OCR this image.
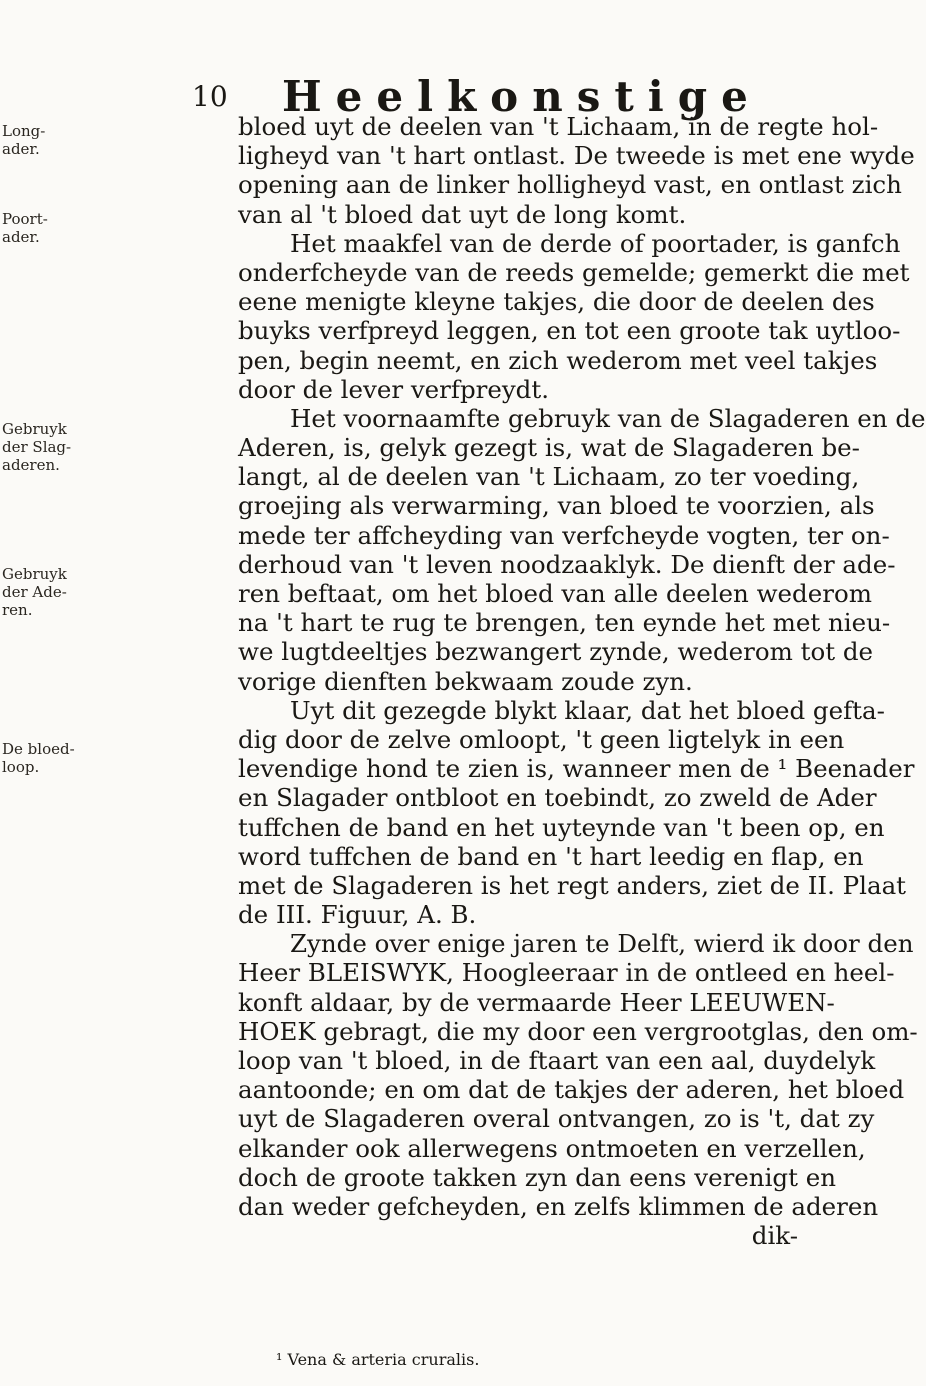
10 Heelkonstige
Long-
ader.
Poort-
ader.
Gebruyk
der Slag-
aderen.
Gebruyk
der Ade-
ren.
De bloed-
loop.
bloed uyt de deelen van 't Lichaam, in de regte hol-
ligheyd van 't hart ontlast. De tweede is met ene wyde
opening aan de linker holligheyd vast, en ontlast zich
van al 't bloed dat uyt de long komt.
Het maakfel van de derde of poortader, is ganfch
onderfcheyde van de reeds gemelde; gemerkt die met
eene menigte kleyne takjes, die door de deelen des
buyks verfpreyd leggen, en tot een groote tak uytloo-
pen, begin neemt, en zich wederom met veel takjes
door de lever verfpreydt.
Het voornaamfte gebruyk van de Slagaderen en de
Aderen, is, gelyk gezegt is, wat de Slagaderen be-
langt, al de deelen van 't Lichaam, zo ter voeding,
groejing als verwarming, van bloed te voorzien, als
mede ter affcheyding van verfcheyde vogten, ter on-
derhoud van 't leven noodzaaklyk. De dienft der ade-
ren beftaat, om het bloed van alle deelen wederom
na 't hart te rug te brengen, ten eynde het met nieu-
we lugtdeeltjes bezwangert zynde, wederom tot de
vorige dienften bekwaam zoude zyn.
Uyt dit gezegde blykt klaar, dat het bloed gefta-
dig door de zelve omloopt, 't geen ligtelyk in een
levendige hond te zien is, wanneer men de ¹ Beenader
en Slagader ontbloot en toebindt, zo zweld de Ader
tuffchen de band en het uyteynde van 't been op, en
word tuffchen de band en 't hart leedig en flap, en
met de Slagaderen is het regt anders, ziet de II. Plaat
de III. Figuur, A. B.
Zynde over enige jaren te Delft, wierd ik door den
Heer BLEISWYK, Hoogleeraar in de ontleed en heel-
konft aldaar, by de vermaarde Heer LEEUWEN-
HOEK gebragt, die my door een vergrootglas, den om-
loop van 't bloed, in de ftaart van een aal, duydelyk
aantoonde; en om dat de takjes der aderen, het bloed
uyt de Slagaderen overal ontvangen, zo is 't, dat zy
elkander ook allerwegens ontmoeten en verzellen,
doch de groote takken zyn dan eens verenigt en
dan weder gefcheyden, en zelfs klimmen de aderen
dik-
¹ Vena & arteria cruralis.
